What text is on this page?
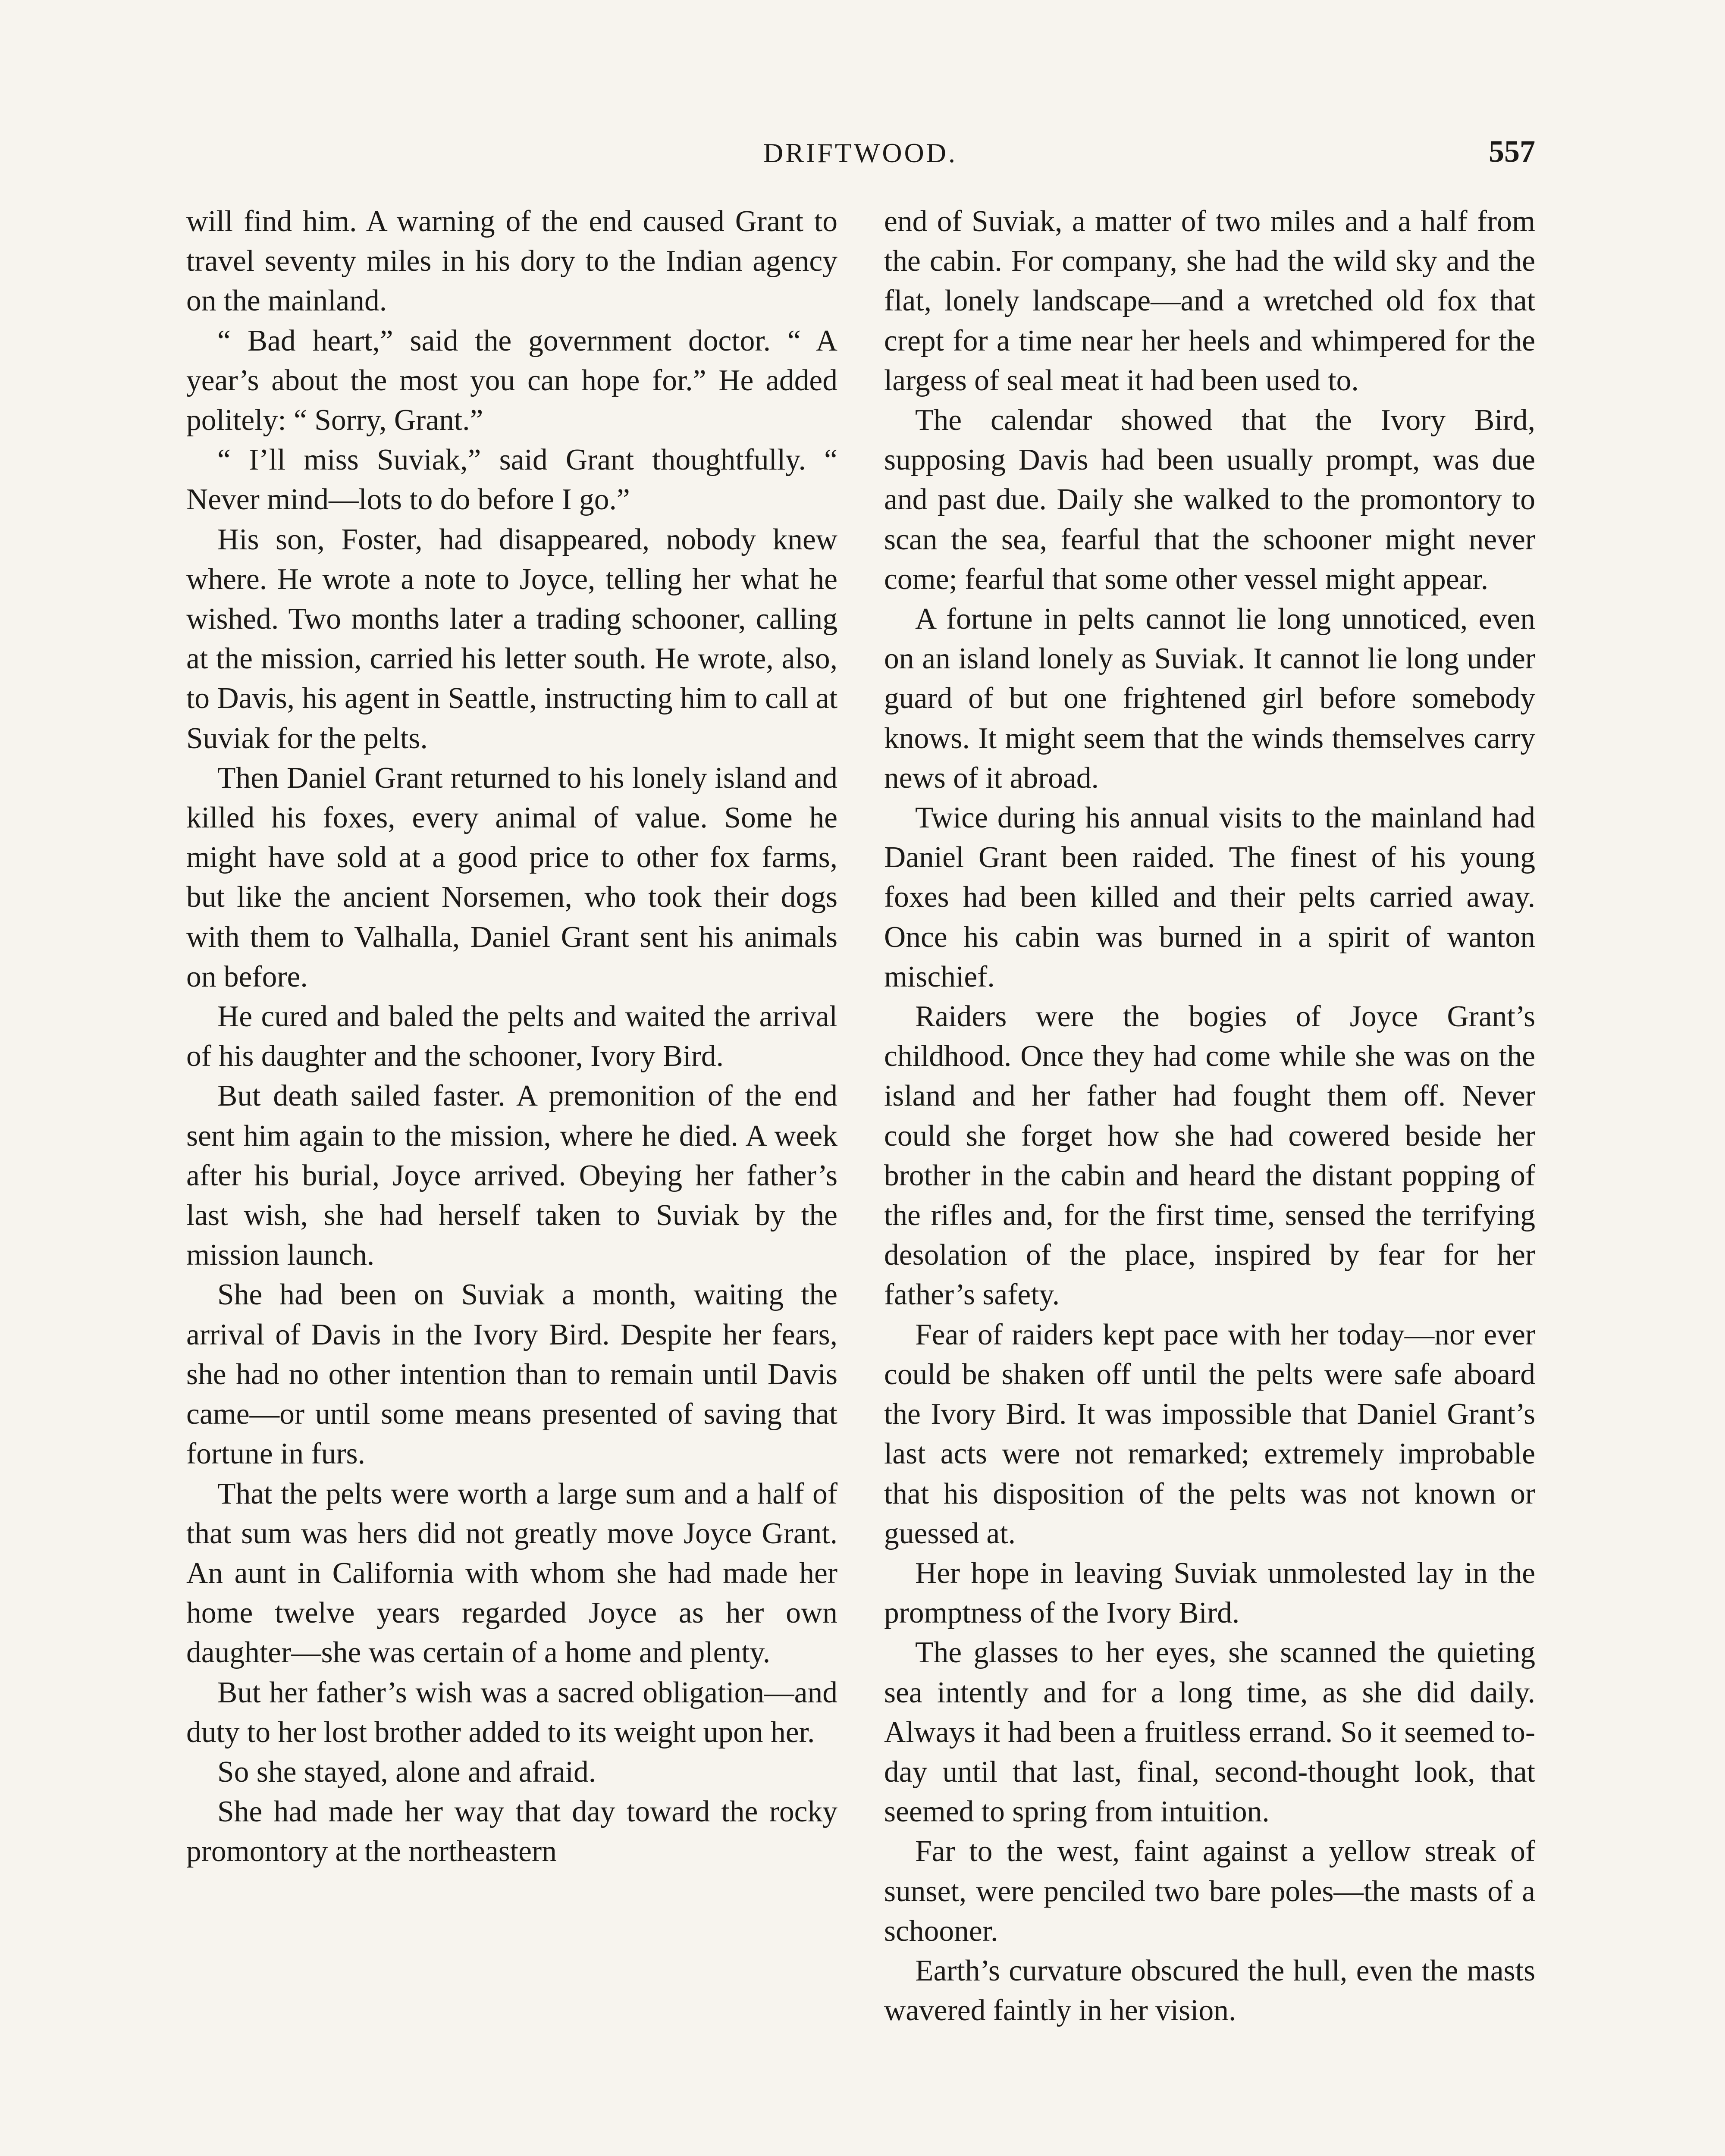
DRIFTWOOD.	557

will find him. A warning of the end caused Grant to travel seventy miles in his dory to the Indian agency on the mainland.

“ Bad heart,” said the government doctor. “ A year’s about the most you can hope for.” He added politely: “ Sorry, Grant.”

“ I’ll miss Suviak,” said Grant thoughtfully. “ Never mind—lots to do before I go.”

His son, Foster, had disappeared, nobody knew where. He wrote a note to Joyce, telling her what he wished. Two months later a trading schooner, calling at the mission, carried his letter south. He wrote, also, to Davis, his agent in Seattle, instructing him to call at Suviak for the pelts.

Then Daniel Grant returned to his lonely island and killed his foxes, every animal of value. Some he might have sold at a good price to other fox farms, but like the ancient Norsemen, who took their dogs with them to Valhalla, Daniel Grant sent his animals on before.

He cured and baled the pelts and waited the arrival of his daughter and the schooner, Ivory Bird.

But death sailed faster. A premonition of the end sent him again to the mission, where he died. A week after his burial, Joyce arrived. Obeying her father’s last wish, she had herself taken to Suviak by the mission launch.

She had been on Suviak a month, waiting the arrival of Davis in the Ivory Bird. Despite her fears, she had no other intention than to remain until Davis came—or until some means presented of saving that fortune in furs.

That the pelts were worth a large sum and a half of that sum was hers did not greatly move Joyce Grant. An aunt in California with whom she had made her home twelve years regarded Joyce as her own daughter—she was certain of a home and plenty.

But her father’s wish was a sacred obligation—and duty to her lost brother added to its weight upon her.

So she stayed, alone and afraid.

She had made her way that day toward the rocky promontory at the northeastern

end of Suviak, a matter of two miles and a half from the cabin. For company, she had the wild sky and the flat, lonely landscape—and a wretched old fox that crept for a time near her heels and whimpered for the largess of seal meat it had been used to.

The calendar showed that the Ivory Bird, supposing Davis had been usually prompt, was due and past due. Daily she walked to the promontory to scan the sea, fearful that the schooner might never come; fearful that some other vessel might appear.

A fortune in pelts cannot lie long unnoticed, even on an island lonely as Suviak. It cannot lie long under guard of but one frightened girl before somebody knows. It might seem that the winds themselves carry news of it abroad.

Twice during his annual visits to the mainland had Daniel Grant been raided. The finest of his young foxes had been killed and their pelts carried away. Once his cabin was burned in a spirit of wanton mischief.

Raiders were the bogies of Joyce Grant’s childhood. Once they had come while she was on the island and her father had fought them off. Never could she forget how she had cowered beside her brother in the cabin and heard the distant popping of the rifles and, for the first time, sensed the terrifying desolation of the place, inspired by fear for her father’s safety.

Fear of raiders kept pace with her today—nor ever could be shaken off until the pelts were safe aboard the Ivory Bird. It was impossible that Daniel Grant’s last acts were not remarked; extremely improbable that his disposition of the pelts was not known or guessed at.

Her hope in leaving Suviak unmolested lay in the promptness of the Ivory Bird.

The glasses to her eyes, she scanned the quieting sea intently and for a long time, as she did daily. Always it had been a fruitless errand. So it seemed to-day until that last, final, second-thought look, that seemed to spring from intuition.

Far to the west, faint against a yellow streak of sunset, were penciled two bare poles—the masts of a schooner.

Earth’s curvature obscured the hull, even the masts wavered faintly in her vision.
